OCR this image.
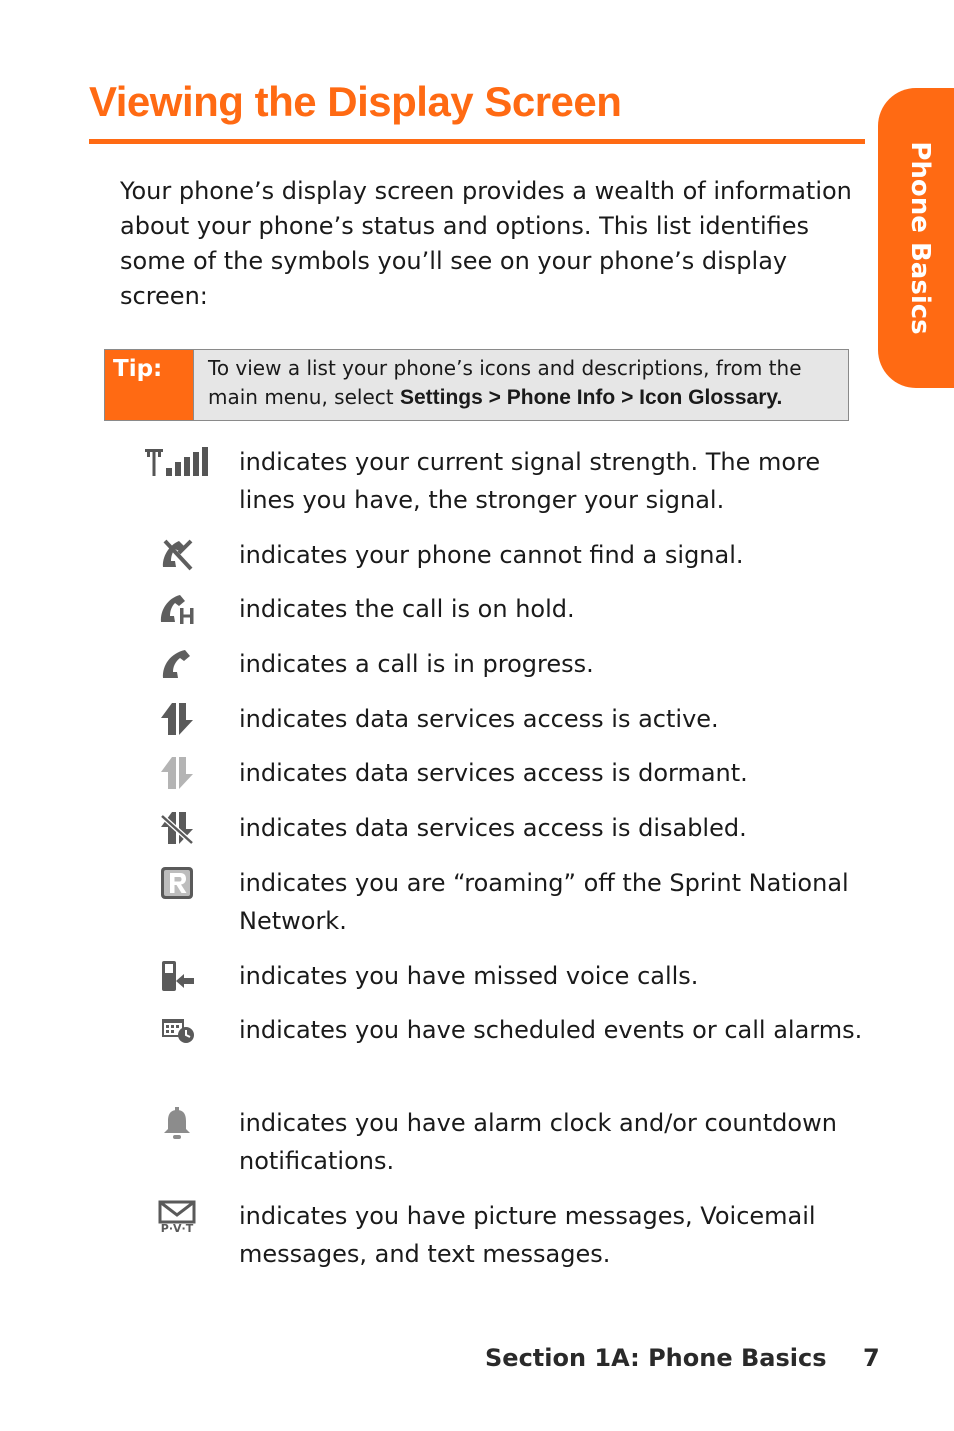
Viewing the Display Screen
Phone Basics

Your phone’s display screen provides a wealth of information about your phone’s status and options. This list identifies some of the symbols you’ll see on your phone’s display screen:

Tip:	To view a list your phone’s icons and descriptions, from the
main menu, select Settings > Phone Info > Icon Glossary.

indicates your current signal strength. The more lines you have, the stronger your signal.

indicates your phone cannot find a signal.

indicates the call is on hold.

indicates a call is in progress.

indicates data services access is active.

indicates data services access is dormant.

indicates data services access is disabled.

indicates you are “roaming” off the Sprint National Network.

indicates you have missed voice calls.

indicates you have scheduled events or call alarms.

indicates you have alarm clock and/or countdown notifications.

P·V·T indicates you have picture messages, Voicemail messages, and text messages.

Section 1A: Phone Basics 7
